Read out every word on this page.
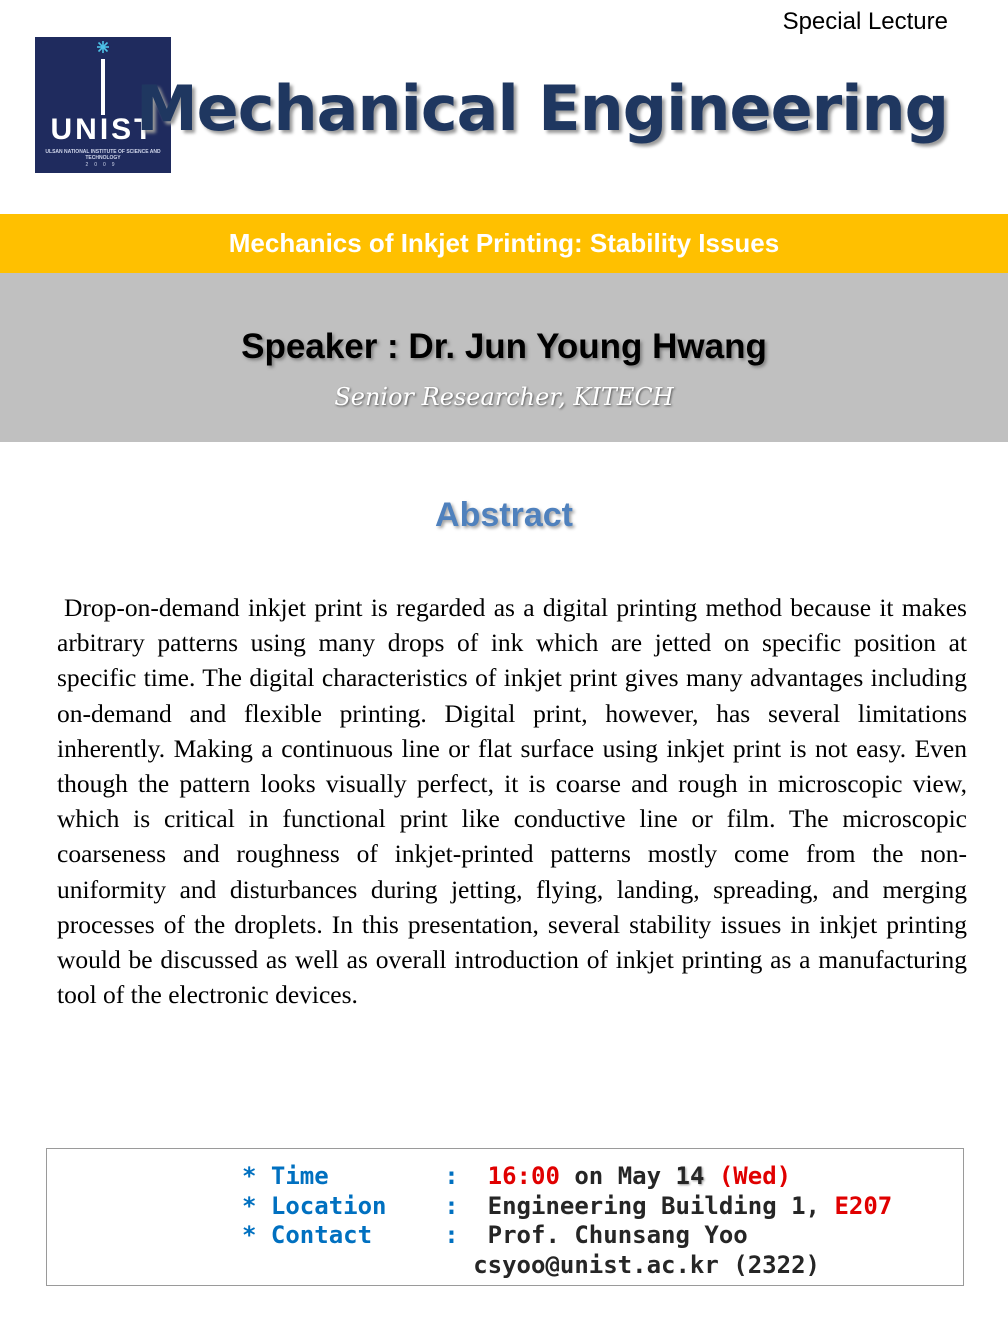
Special Lecture
UNIST
ULSAN NATIONAL INSTITUTE OF SCIENCE AND TECHNOLOGY
2009
Mechanical Engineering
Mechanics of Inkjet Printing: Stability Issues
Speaker : Dr. Jun Young Hwang
Senior Researcher, KITECH
Abstract
Drop-on-demand inkjet print is regarded as a digital printing method because it makes arbitrary patterns using many drops of ink which are jetted on specific position at specific time. The digital characteristics of inkjet print gives many advantages including on-demand and flexible printing. Digital print, however, has several limitations inherently. Making a continuous line or flat surface using inkjet print is not easy. Even though the pattern looks visually perfect, it is coarse and rough in microscopic view, which is critical in functional print like conductive line or film. The microscopic coarseness and roughness of inkjet-printed patterns mostly come from the non-uniformity and disturbances during jetting, flying, landing, spreading, and merging processes of the droplets. In this presentation, several stability issues in inkjet printing would be discussed as well as overall introduction of inkjet printing as a manufacturing tool of the electronic devices.
* Time	: 16:00 on May 14 (Wed)
* Location : Engineering Building 1, E207
* Contact	: Prof. Chunsang Yoo
csyoo@unist.ac.kr (2322)
